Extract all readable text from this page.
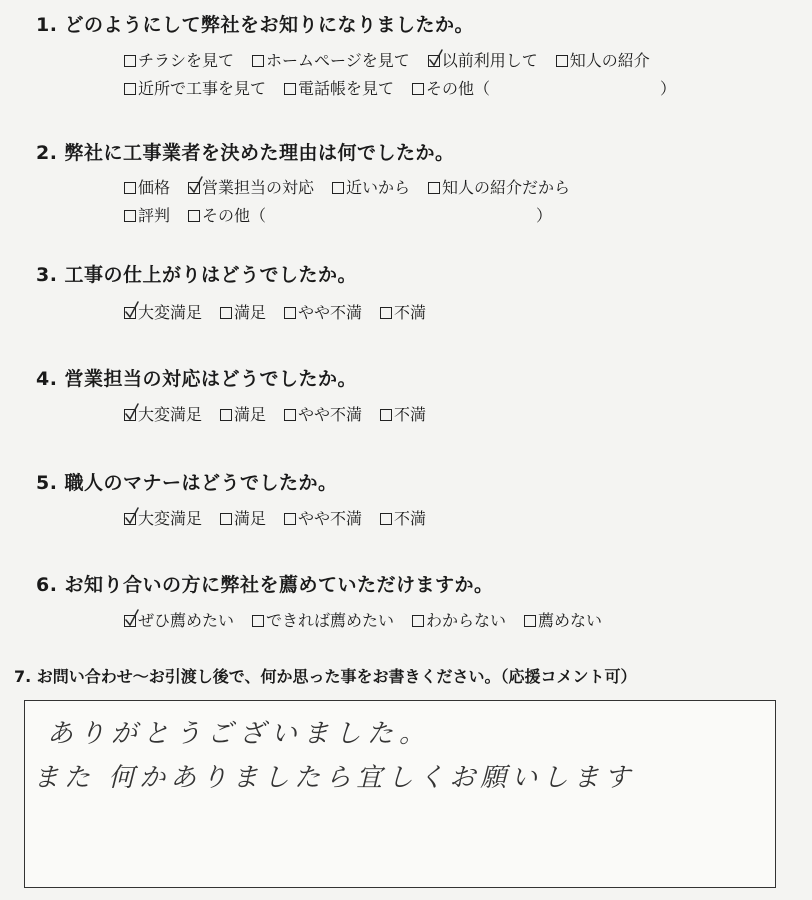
1. どのようにして弊社をお知りになりましたか。
チラシを見て ホームページを見て 以前利用して 知人の紹介
近所で工事を見て 電話帳を見て その他（	）
2. 弊社に工事業者を決めた理由は何でしたか。
価格 営業担当の対応 近いから 知人の紹介だから
評判 その他（	）
3. 工事の仕上がりはどうでしたか。
大変満足 満足 やや不満 不満
4. 営業担当の対応はどうでしたか。
大変満足 満足 やや不満 不満
5. 職人のマナーはどうでしたか。
大変満足 満足 やや不満 不満
6. お知り合いの方に弊社を薦めていただけますか。
ぜひ薦めたい できれば薦めたい わからない 薦めない
7. お問い合わせ～お引渡し後で、何か思った事をお書きください。（応援コメント可）
ありがとうございました。
また 何かありましたら宜しくお願いします
